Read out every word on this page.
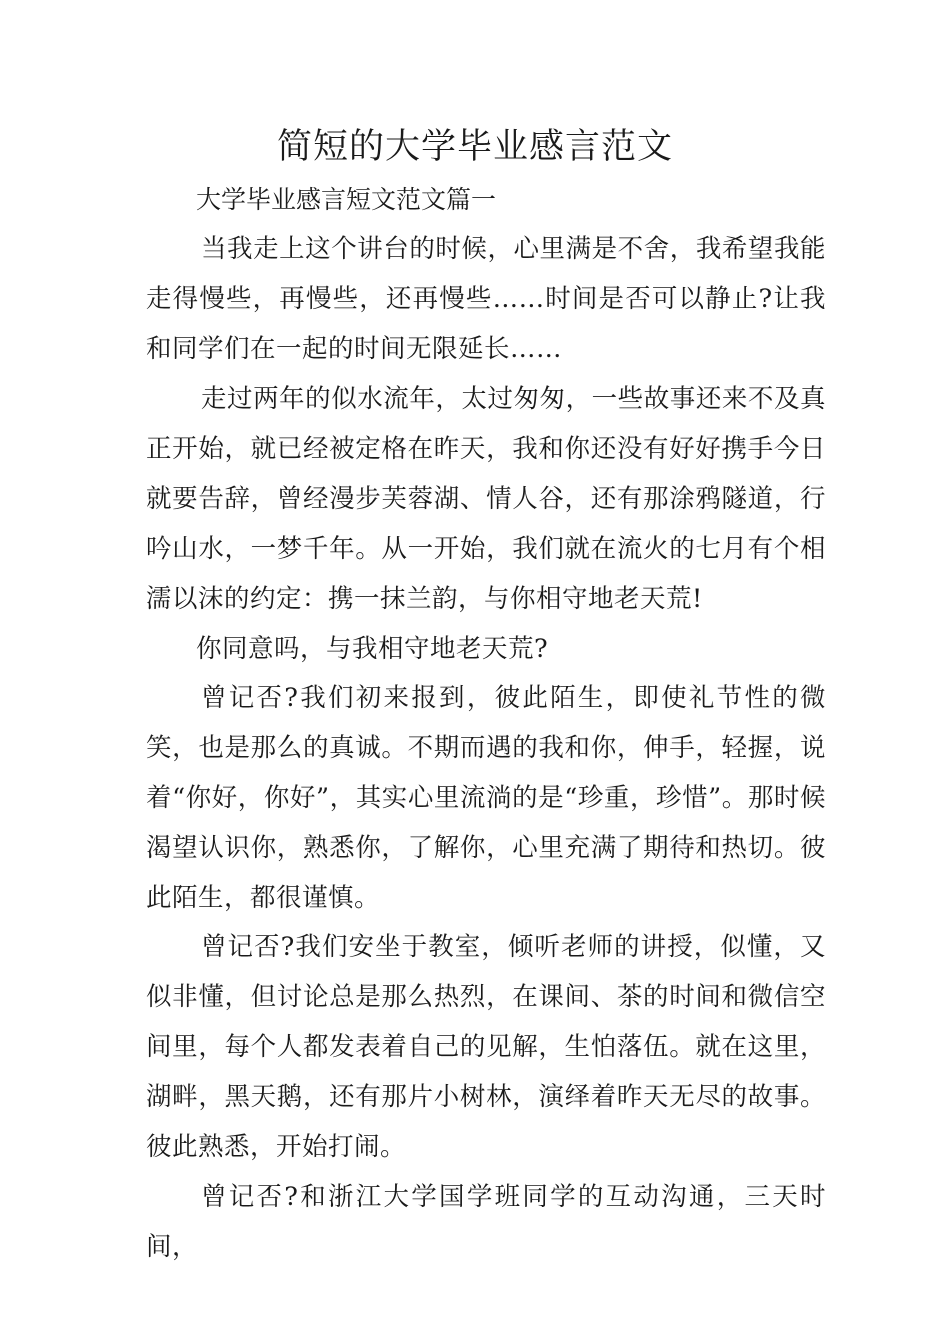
简短的大学毕业感言范文

大学毕业感言短文范文篇一

当我走上这个讲台的时候，心里满是不舍，我希望我能走得慢些，再慢些，还再慢些……时间是否可以静止?让我和同学们在一起的时间无限延长……

走过两年的似水流年，太过匆匆，一些故事还来不及真正开始，就已经被定格在昨天，我和你还没有好好携手今日就要告辞，曾经漫步芙蓉湖、情人谷，还有那涂鸦隧道，行吟山水，一梦千年。从一开始，我们就在流火的七月有个相濡以沫的约定：携一抹兰韵，与你相守地老天荒!

你同意吗，与我相守地老天荒?

曾记否?我们初来报到，彼此陌生，即使礼节性的微笑，也是那么的真诚。不期而遇的我和你，伸手，轻握，说着“你好，你好”，其实心里流淌的是“珍重，珍惜”。那时候渴望认识你，熟悉你，了解你，心里充满了期待和热切。彼此陌生，都很谨慎。

曾记否?我们安坐于教室，倾听老师的讲授，似懂，又似非懂，但讨论总是那么热烈，在课间、茶的时间和微信空间里，每个人都发表着自己的见解，生怕落伍。就在这里，湖畔，黑天鹅，还有那片小树林，演绎着昨天无尽的故事。彼此熟悉，开始打闹。

曾记否?和浙江大学国学班同学的互动沟通，三天时间，
